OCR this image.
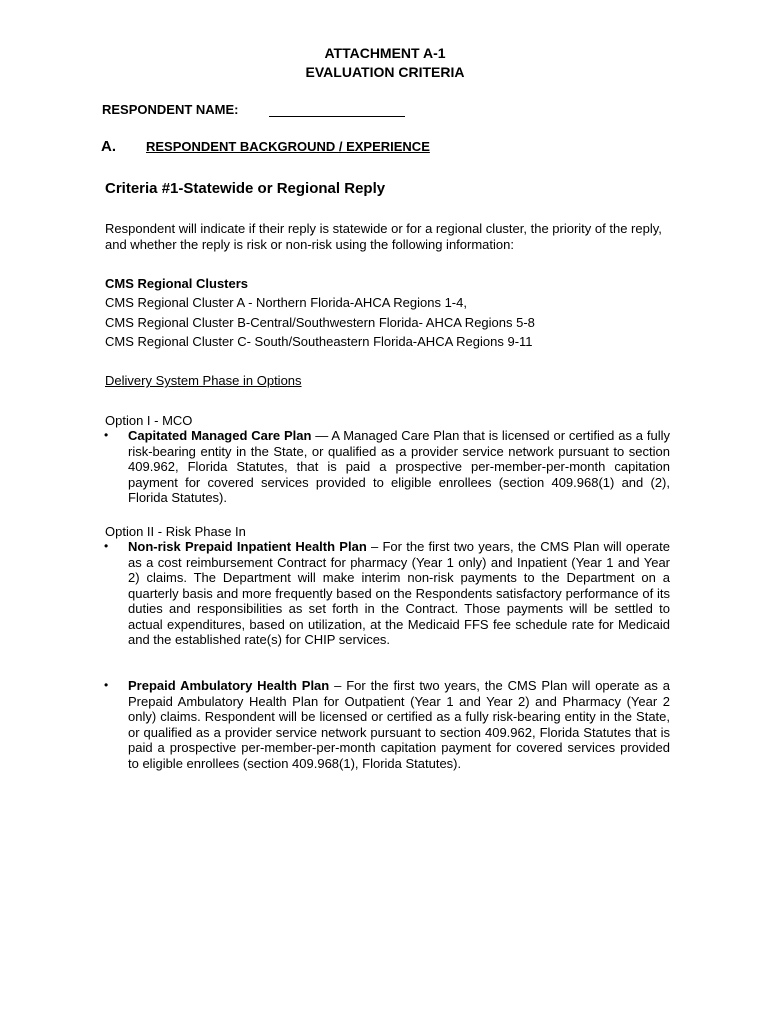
ATTACHMENT A-1
EVALUATION CRITERIA
RESPONDENT NAME:
A. RESPONDENT BACKGROUND / EXPERIENCE
Criteria #1-Statewide or Regional Reply
Respondent will indicate if their reply is statewide or for a regional cluster, the priority of the reply, and whether the reply is risk or non-risk using the following information:
CMS Regional Clusters
CMS Regional Cluster A - Northern Florida-AHCA Regions 1-4,
CMS Regional Cluster B-Central/Southwestern Florida- AHCA Regions 5-8
CMS Regional Cluster C- South/Southeastern Florida-AHCA Regions 9-11
Delivery System Phase in Options
Option I - MCO
• Capitated Managed Care Plan — A Managed Care Plan that is licensed or certified as a fully risk-bearing entity in the State, or qualified as a provider service network pursuant to section 409.962, Florida Statutes, that is paid a prospective per-member-per-month capitation payment for covered services provided to eligible enrollees (section 409.968(1) and (2), Florida Statutes).
Option II - Risk Phase In
• Non-risk Prepaid Inpatient Health Plan – For the first two years, the CMS Plan will operate as a cost reimbursement Contract for pharmacy (Year 1 only) and Inpatient (Year 1 and Year 2) claims. The Department will make interim non-risk payments to the Department on a quarterly basis and more frequently based on the Respondents satisfactory performance of its duties and responsibilities as set forth in the Contract. Those payments will be settled to actual expenditures, based on utilization, at the Medicaid FFS fee schedule rate for Medicaid and the established rate(s) for CHIP services.
• Prepaid Ambulatory Health Plan – For the first two years, the CMS Plan will operate as a Prepaid Ambulatory Health Plan for Outpatient (Year 1 and Year 2) and Pharmacy (Year 2 only) claims. Respondent will be licensed or certified as a fully risk-bearing entity in the State, or qualified as a provider service network pursuant to section 409.962, Florida Statutes that is paid a prospective per-member-per-month capitation payment for covered services provided to eligible enrollees (section 409.968(1), Florida Statutes).
